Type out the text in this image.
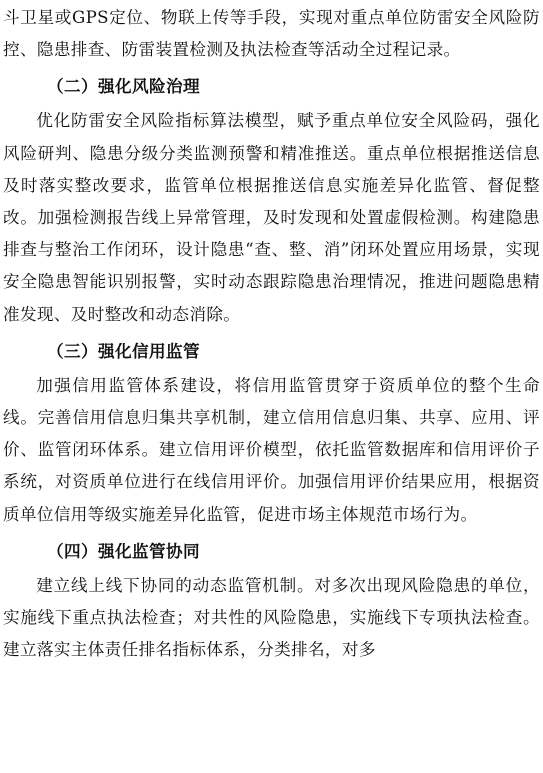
斗卫星或GPS定位、物联上传等手段，实现对重点单位防雷安全风险防控、隐患排查、防雷装置检测及执法检查等活动全过程记录。

（二）强化风险治理

优化防雷安全风险指标算法模型，赋予重点单位安全风险码，强化风险研判、隐患分级分类监测预警和精准推送。重点单位根据推送信息及时落实整改要求，监管单位根据推送信息实施差异化监管、督促整改。加强检测报告线上异常管理，及时发现和处置虚假检测。构建隐患排查与整治工作闭环，设计隐患“查、整、消”闭环处置应用场景，实现安全隐患智能识别报警，实时动态跟踪隐患治理情况，推进问题隐患精准发现、及时整改和动态消除。

（三）强化信用监管

加强信用监管体系建设，将信用监管贯穿于资质单位的整个生命线。完善信用信息归集共享机制，建立信用信息归集、共享、应用、评价、监管闭环体系。建立信用评价模型，依托监管数据库和信用评价子系统，对资质单位进行在线信用评价。加强信用评价结果应用，根据资质单位信用等级实施差异化监管，促进市场主体规范市场行为。

（四）强化监管协同

建立线上线下协同的动态监管机制。对多次出现风险隐患的单位，实施线下重点执法检查；对共性的风险隐患，实施线下专项执法检查。建立落实主体责任排名指标体系，分类排名，对多
